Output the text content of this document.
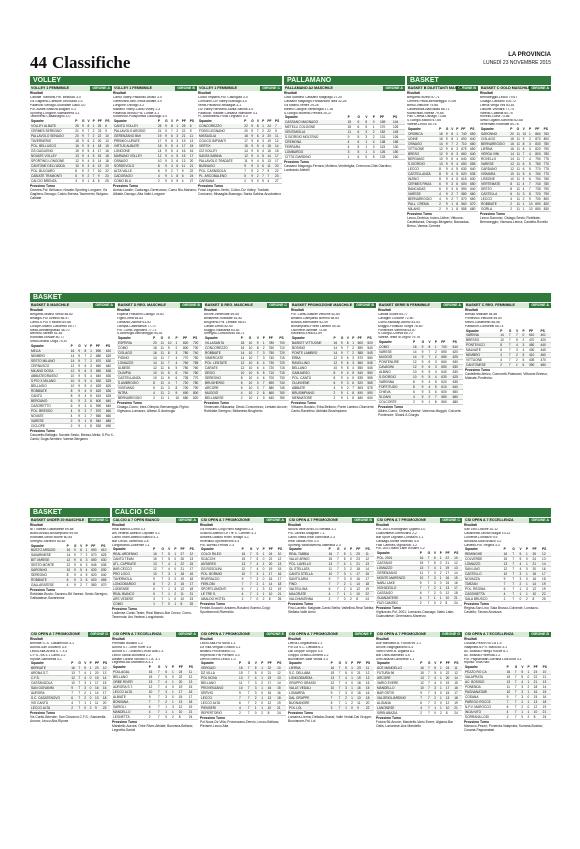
44 Classifiche	LA PROVINCIA
LUNEDÌ 23 NOVEMBRE 2015
VOLLEY	PALLAMANO	BASKET
BASKET
BASKET	CALCIO CSI
GIRONE A
VOLLEY 1 FEMMINILE
Risultati
Cabiate Tramonti-Pol. Bellusco 3-0
Gs Gaglieno-Cantone Dell'Adda 2-3
Pallavolo Senago-Guanzate Gallo 3-0
Pol. Alzate Brianza-Bulgaro 0-3
Sporting Longone-Valmadrera 3-1
Tavernerio-Casalzuigno 3-0
Squadre	P	G	V	P	PF	PS
VOLLEY ALBATE	25	9	8	1	25	6
CERMES SEREGNO	21	9	7	2	23	9
PALLAVOLO SENAGO	20	9	7	2	22	10
TAVERNERIO	18	9	6	3	20	13
POL. BELLUSCO	16	9	5	4	18	15
GS GAGLIENO	15	9	5	4	17	16
NOVATE VOLLEY	13	9	4	5	15	18
SPORTING LONGONE	12	9	4	5	14	18
CANTONE DELL'ADDA	10	9	3	6	13	20
POL. BULGARO	8	9	2	7	10	22
CABIATE TRAMONTI	6	9	2	7	9	23
CALCIO BRENZA	3	9	1	8	5	25
Prossimo Turno
Cermes-Pol. Bellusco; Novate-Sporting Longone; Gs Gaglieno-Senago; Calcio Brenza-Tavernerio; Bulgaro-Cabiate
GIRONE B
VOLLEY 1 FEMMINILE
Risultati
Cantù Volley-Pallavolo Arosio 3-0
Gerenzano Bmi-Virtus Albiate 3-0
Longone-Osnago 3-2
Mariano Volley-Cantù Volley 1-3
Pallavolo Arosio-Pol. Lurate 3-1
Sordevolo-Polisportiva Cadorago 3-0
Squadre	P	G	V	P	PF	PS
CANTÙ VOLLEY	25	9	8	1	25	6
PALLAVOLO AROSIO	21	9	7	2	22	9
GERENZANO BMI	19	9	6	3	21	11
PREMIO LURATE	17	9	6	3	19	13
VIRTUS ALBIATE	15	9	5	4	17	15
LONGONE	14	9	5	4	16	16
MARIANO VOLLEY	12	9	4	5	15	17
OSNAGO	10	9	3	6	13	20
SORDEVOLO	8	9	3	6	11	21
ALTA VALLE	6	9	2	7	9	22
CADORAGO	4	9	1	8	6	24
COMO BLU	2	9	0	9	4	27
Prossimo Turno
Arosio-Lurate; Cadorago-Gerenzano; Como Blu-Mariano; Albiate-Osnago; Alta Valle-Longone
GIRONE C
VOLLEY 1 FEMMINILE
Risultati
Colico Impianti-Pol. Casnigola 3-0
Consonni-Civ Volley Busnago 3-0
Vertix-Pallavolo Missaglia 3-1
Ciz Volley Nerviano-Santa Sabina 3-0
Pallavolo Tradate-Carsana Valmadre 3-1
Pl. Arcobaleno-Fossi Legnano 0-3
Squadre	P	G	V	P	PF	PS
CONCOREZZO	22	9	8	1	24	7
FOSSI LEGNANO	20	9	7	2	22	9
MISSAGLIA	18	9	6	3	20	11
COLICO IMPIANTI	17	9	6	3	19	12
VERTIX	15	9	5	4	18	14
CIZ VOLLEY	14	9	5	4	16	15
SANTA SABINA	12	9	4	5	14	17
PALLAVOLO TRADATE	11	9	4	5	13	17
BUSNAGO	9	9	3	6	11	20
POL. CASNIGOLA	7	9	2	7	9	22
PL. ARCOBALENO	5	9	2	7	7	23
CARSANA	2	9	0	9	4	27
Prossimo Turno
Fossi Legnano-Vertix; Colico-Ciz Volley; Tradate-Consonni; Missaglia-Busnago; Santa Sabina-Arcobaleno
GIRONE A
PALLAMANO A2 MASCHILE
Risultati
Città Giardino Cassano Magnago 27-20
Cassano Magnago-Fondazione Ikea 32-25
Gs Milano-Vertex 29-25
Metelli Cologne-Ventimiglia 17-26
S.Giorgio Molteno-Ferrara 25-27
Squadre	P	G	V	P	PF	PS
CASSANO MAGNAGO	15	6	5	0	169	144
METELLI COLOGNE	15	6	5	1	170	126
VENTIMIGLIA	11	6	3	2	152	145
S.GIORGIO MOLTENO	9	5	3	2	131	126
CREMONA	4	6	1	4	138	156
FERRARA	4	5	1	3	115	130
LOMBARDO	3	5	1	3	126	150
CITTÀ GIARDINO	1	6	0	5	133	160
Prossimo Turno
Cassano Magnago-Ferrara; Molteno-Ventimiglia; Cremona-Città Giardino; Lombardo-Metelli
GIRONE B
BASKET B DILETTANTI MASCH.
Risultati
Bergamo-Inzino 57-71
Cermes Pavia-Bernareggio 70-69
Breso-Vittuone 79-66
Castellanza-Bancadas 68-71
Montichiari-Varese 79-65
Pall. Crema-Osnago 73-66
S.Giorgio-Milano 67-65
Varese-Lecco 80-76
Squadre	P	G	V	P	PF	PS
OROBICA	16	9	8	1	740	650
UDINE	16	9	8	1	690	640
OSNAGO	14	9	7	2	710	660
VITTUONE	12	9	6	3	675	650
BRESO	12	9	6	3	660	640
BERGAMO	10	9	5	4	640	630
S.GIORGIO	10	9	5	4	650	655
LECCO	8	9	4	5	630	640
CASTELLANZA	8	9	4	5	620	635
INZINO	8	9	4	5	615	630
CERMES PAVIA	6	9	3	6	600	650
BANCADAS	6	9	3	6	590	640
VARESE	4	9	2	7	580	660
BERNAREGGIO	4	9	2	7	570	650
PALL. CREMA	2	9	1	8	560	670
MILANO	2	9	1	8	555	680
Prossimo Turno
Lecco-Orobica; Inzino-Udine; Vittuone-Castellanza; Osnago-Bergamo; Bancadas-Breso; Varese-Cermes
GIRONE A
BASKET C GOLD MASCHILE
Risultati
Bernareggio-Lecco 79-67
Cislago-Cardano 100-72
Lierna-Verga Vini 83-81
Lissone-Vismara 77-74
Varedo-Castella 80-75
Rovello-Gorla 73-66
Sesto Giganti-Saronno 62-68
Vertemate-Robbiate 80-76
Squadre	P	G	V	P	PF	PS
SARONNO	20	11	10	1	860	760
CISLAGO	18	11	9	2	870	800
BERNAREGGIO	16	11	8	3	830	780
LIERNA	16	11	8	3	820	790
VERGA VINI	14	11	7	4	800	780
ROVELLO	14	11	7	4	790	775
VARESE	12	11	6	5	780	770
CARDANO	12	11	6	5	770	775
VISMARA	10	11	5	6	760	770
LISSONE	10	11	5	6	750	765
VERTEMATE	8	11	4	7	740	780
SESTO	8	11	4	7	735	790
CASTELLA	6	11	3	8	720	790
LECCO	4	11	2	9	700	800
ROBBIATE	2	11	1	10	690	820
GORLA	2	11	1	10	680	830
Prossimo Turno
Lecco-Saronno; Cislago-Sesto; Robbiate-Bernareggio; Vismara-Lierna; Castella-Rovello
GIRONE A
BASKET D MASCHILE
Risultati
Bergamo-Milano Sesto 58-62
Bellagio-Pol. Bresso 85-47
Cantù-S.Pio X Milano 69-68
Ciclope-Milano Casoretto 69-77
Melia-Abbiategrasso 48-70
Nembro-Varese 61-63
Robbiate-Novate 80-77
Sesto-Milano Doga 74-57
Squadre	P	G	V	P	PF	PS
MELIA	16	9	8	1	690	610
NEMBRO	14	9	7	2	680	620
SESTO MILANO	14	9	7	2	670	630
CERNUSCO	12	9	6	3	660	640
MILANO DOGA	12	9	6	3	650	635
ABBIATEGRASSO	10	9	5	4	640	630
S.PIO X MILANO	10	9	5	4	630	625
BELLAGIO	10	9	5	4	625	620
ROBBIATE	8	9	4	5	620	630
CANTÙ	8	9	4	5	610	625
BERGAMO	6	9	3	6	600	640
CASORETTO	6	9	3	6	590	645
POL. BRESSO	4	9	2	7	570	660
NOVATE	4	9	2	7	560	660
VARESE	2	9	1	8	540	680
CICLOPE	2	9	1	8	530	690
Prossimo Turno
Casoretto-Bellagio; Novate-Sesto; Bresso-Melia; S.Pio X-Cantù; Doga-Nembro; Varese-Bergamo
GIRONE B
BASKET D REG. MASCHILE
Risultati
Esperia Fraschini-Cislago 75-62
Figino-Intra 64-63
Lomazzo-Albese 61-52
Olimpia-Castellanza 77-71
Pol. Como-Vigevano 77-71
S.Ambrogio-Bernareggio 54-51
Squadre	P	G	V	P	PF	PS
ESPERIA	20	11	10	1	820	720
COMO	18	11	9	2	800	730
CISLAGO	16	11	8	3	780	740
FIGINO	14	11	7	4	770	750
LOMAZZO	14	11	7	4	760	755
ALBESE	12	11	6	5	750	760
OLIMPIA	10	11	5	6	740	760
CASTELLANZA	10	11	5	6	735	770
S.AMBROGIO	8	11	4	7	720	780
VIGEVANO	6	11	3	8	700	790
INTRA	4	11	2	9	690	800
BERNAREGGIO	2	11	1	10	680	820
Prossimo Turno
Cislago-Como; Intra-Olimpia; Bernareggio-Figino; Vigevano-Lomazzo; Albese-S.Ambrogio
GIRONE C
BASKET D REG. MASCHILE
Risultati
Arcore-Vimercate 59-55
Bellanese-Robbiate 81-82
Brugherio-Pol. Lentate 56-67
Carate-Desio 52-50
Muggiò-Villasanta 64-62
Seregno-Concorezzo 68-71
Squadre	P	G	V	P	PF	PS
VILLASANTA	18	10	9	1	780	700
CONCOREZZO	16	10	8	2	760	710
ROBBIATE	14	10	7	3	750	720
VIMERCATE	14	10	7	3	740	715
POL. LENTATE	12	10	6	4	730	720
CARATE	12	10	6	4	720	715
DESIO	10	10	5	5	710	715
SEREGNO	8	10	4	6	700	730
BRUGHERIO	6	10	3	7	690	740
ARCORE	6	10	3	7	680	745
MUGGIÒ	4	10	2	8	660	760
BELLANESE	2	10	1	9	640	780
Prossimo Turno
Vimercate-Villasanta; Desio-Concorezzo; Lentate-Arcore; Robbiate-Seregno; Bellanese-Brugherio
GIRONE B
BASKET PROMOZIONE MASCHILE
Risultati
Pol. Cantù-Basket Vittuone 52-60
Bellano-Gamjaeso Brenno 58-63
Bosisio-Mennatore 52-49
Brusimpiano-Ponte Lambro 50-52
Olunvene-Abbiate 73-56
Ravellino-Erba 81-59
Squadre	P	G	V	P	PF	PS
BASKET VITTUONE	16	9	8	1	600	520
BOSISIO	14	9	7	2	590	540
PONTE LAMBRO	14	9	7	2	585	545
ERBA	12	9	6	3	570	550
RAVELLINO	12	9	6	3	560	545
BELLANO	10	9	5	4	550	545
GAMJAESO	8	9	4	5	540	550
POL. CANTÙ	8	9	4	5	535	555
OLUNVENE	6	9	3	6	520	565
ABBIATE	4	9	2	7	505	575
BRUSIMPIANO	2	9	1	8	490	590
MENNATORE	2	9	1	8	480	600
Prossimo Turno
Vittuone-Bosisio; Erba-Bellano; Ponte Lambro-Olunvene; Cantù-Ravellino; Abbiate-Brusimpiano
GIRONE A
BASKET SERIE B FEMMINILE
Risultati
Cabiati Sloani 64-77
Cavagini Colcorte 72-50
Como Akkazap-Albino 53-53
Muggiò-Fortitudo Vorgni 78-60
Pontenure-Varenna 63-57
S.Giorgio-Chieva 85-70
Varese-Teste di Legno 79-76
Squadre	P	G	V	P	PF	PS
COMO	16	9	8	1	700	610
VARESE	14	9	7	2	690	620
MUGGIÒ	14	9	7	2	680	625
PONTENURE	12	9	6	3	660	630
CAVAGINI	12	9	6	3	650	630
ALBINO	10	9	5	4	640	630
S.GIORGIO	10	9	5	4	630	625
VARENNA	8	9	4	5	620	635
FORTITUDO	8	9	4	5	610	640
CHIEVA	6	9	3	6	600	650
SLOANI	4	9	2	7	580	660
COLCORTE	2	9	1	8	560	680
Prossimo Turno
Albino-Como; Chieva-Varese; Varenna-Muggiò; Colcorte-Pontenure; Sloani-S.Giorgio
GIRONE A
BASKET C REG. FEMMINILE
Risultati
Bresso Malnate 64-65
Pontevico-Vittuone 55-50
Melzo-Castelletto 58-56
Patavium-Comoretti 55-74
Squadre	P	G	V	P	PF	PS
VARENA	14	7	7	0	510	401
BRESSO	10	7	5	2	470	420
PONTEVICO	8	7	4	3	450	440
MALNATE	6	7	3	4	430	445
NEMBRO	4	7	2	5	410	460
VITTUONE	4	7	2	5	405	470
CANTONESE	2	7	1	6	390	480
Prossimo Turno
Castelletto-Melzo; Comoretti-Patavium; Vittuone-Bresso; Malnate-Pontevico
GIRONE C
BASKET UNDER 20 MASCHILE
Risultati
BIT Varese-Gallaratese 69-68
Busto Arsizio-Brusimpiano 59-55
Robbiate-Sesto Monte 60-84
Seregno-Saronno 83-63
Squadre	P	G	V	P	PF	PS
BUSTO ARSIZIO	16	9	8	1	690	610
SAVARINESE	14	9	7	2	670	625
BIT VARESE	12	9	6	3	650	630
SESTO MONTE	12	9	6	3	645	635
SARONNO	10	9	5	4	630	630
SEREGNO	8	9	4	5	620	640
ROBBIATE	6	9	3	6	600	655
GALLARATESE	4	9	2	7	580	670
Prossimo Turno
Robbiate-Busto; Saronno-Bit Varese; Sesto-Seregno; Gallaratese-Savarinese
GIRONE A
CALCIO A 7 OPEN BIANCO
Risultati
Real Bianco-Como 3-3
Ars Vedese-Atletico Capriate 4-1
Cantù Team-Atletico Bianco 4-1
Bar Cecco-Tavernola 2-8
Longobardo-Lodiense 1-1
Squadre	P	G	V	P	PF	PS
REAL ARDENNO	16	7	5	1	27	12
CANTÙ TEAM	15	7	5	0	26	13
ATL. CAPRIATE	13	7	4	1	22	15
BAR CECCO	12	7	4	0	21	17
PRO LOCO	10	7	3	1	18	16
TAVERNOLA	9	7	3	0	19	18
LONGOBARDO	8	7	2	2	15	17
LODIENSE	6	7	1	3	12	18
REAL BIANCO	5	7	1	2	11	21
ARS VEDESE	3	7	1	0	10	23
COMO	1	7	0	1	8	26
Prossimo Turno
Lodiense-Cantù Team; Real Bianco-Bar Cecco; Como-Tavernola; Ars Vedese-Longobardo
GIRONE A
CSI OPEN A 7 PROMOZIONE
Risultati
Gs Rosolini-Colgi Rileo Magnani 2-3
Scacchi-Atletico Le Tre S. Carmen 3-1
Antares-Ubaldo Hotel Teralgo 4-1
Riveraldo-Sportlomonti 4-4
Pol. Bormio-Ferlobi 2-3
Squadre	P	G	V	P	PF	PS
COLGI RILEO	16	7	5	1	24	10
SCACCHI	15	7	5	0	22	12
ANTARES	13	7	4	1	20	13
GS ROSOLINI	12	7	4	0	19	15
POL. BORMIO	10	7	3	1	17	16
RIVERALDO	9	7	3	0	16	17
FERLOBI	7	7	2	1	14	18
SPORTLOMONTI	6	7	1	3	12	19
LE TRE S.	4	7	1	1	10	21
UBALDO HOTEL	2	7	0	2	8	25
Prossimo Turno
Ferlobi-Scacchi; Antares-Rosolini; Bormio-Colgi; Sportlomonti-Riveraldo
GIRONE B
CSI OPEN A 7 PROMOZIONE
Risultati
Nuova Valle Arnio-Gl Stellata 3-1
Pol. Lavello-Malgrate 7-1
Cantù Stella-Real Sant'Ilaria 2-3
Real Tabbia-Fino 3-3
Sporting Valchiavenna-Valtellina 2-3
Squadre	P	G	V	P	PF	PS
REAL TABBIA	16	7	5	1	25	11
VALLE ARNIO	15	7	5	0	23	12
POL. LAVELLO	13	7	4	1	21	13
GL STELLATA	11	7	3	2	18	14
CANTÙ STELLA	10	7	3	1	17	15
SANT'ILARIA	9	7	3	0	16	17
FINO	7	7	2	1	14	18
VALTELLINA	6	7	2	0	12	19
MALGRATE	4	7	1	1	10	22
VALCHIAVENNA	2	7	0	2	8	24
Prossimo Turno
Fino-Lavello; Malgrate-Cantù Stella; Valtellina-Real Tabbia; Stellata-Valle Arnio
GIRONE C
CSI OPEN A 7 PROMOZIONE
Risultati
Pol. 2001-Romagnani Qigliesi 3-0
Guanzatese-Gerenzano 2-2
Bar Sport Olginate-Lomazzo 1-1
Cassago-Monte Marenzo 4-5
Fazi Camsec-Vighizzolo 1-2
Pol. 2001-Nabu Lake di Barni 1-2
Squadre	P	G	V	P	PF	PS
POL. 2001	16	7	5	1	22	10
CASTANO	15	7	5	0	21	12
LOMAZZO	13	7	4	1	19	13
GERENZANO	11	7	3	2	17	14
MONTE MARENZO	10	7	3	1	16	15
NABU LAKE	9	7	3	0	15	16
VIGHIZZOLO	7	7	2	1	13	17
CASSAGO	6	7	2	0	12	18
GUANZATESE	4	7	1	1	10	21
FAZI CAMSEC	2	7	0	2	8	24
Prossimo Turno
Vighizzolo-Pol. 2001; Lomazzo-Cassago; Nabu Lake-Guanzatese; Gerenzano-Marenzo
GIRONE A
CSI OPEN A 7 ECCELLENZA
Risultati
San Lino-Cittone 10-12
Cassinetta-Tarzan Bulgar 10-12
Colverde-Lomazzo 9-9
Novazza-Sala Brusco 3-2
Castello-Pol. Regina 3-3
Squadre	P	G	V	P	PF	PS
REMINGHE	16	7	5	1	26	12
COLVERDE	15	7	5	0	24	13
LOMAZZO	13	7	4	1	21	14
SAN LINO	12	7	4	0	20	16
CASTELLO	10	7	3	1	18	17
NOVAZZA	9	7	3	0	16	18
TARZAN	7	7	2	1	14	19
POL. REGINA	6	7	1	3	12	19
CASSINETTA	4	7	1	1	10	22
SALA BRUSCO	2	7	0	2	8	25
Prossimo Turno
Regina-San Lino; Sala Brusco-Colverde; Lomazzo-Castello; Tarzan-Novazza
GIRONE D
CSI OPEN A 7 PROMOZIONE
Risultati
Bernate S.-S. Casatenovo 3-1
Aurora-San Giovanni 3-5
Lecco Alta-Arona S.T. 4-4
C.F.S.-Vis 3.1 Cantù 2-2
Ripose-Samarella 4-1
Squadre	P	G	V	P	PF	PS
BERNATE	16	7	5	1	23	10
ARONA S.T.	13	7	4	1	20	13
C.F.S.	12	7	4	0	19	14
CASTANGOLA	10	7	3	1	17	15
SAN GIOVANNI	9	7	3	0	16	16
AURORA	7	7	2	1	14	17
S.C. CASATENOVO	6	7	2	0	13	18
VIS CANTÙ	4	7	1	1	11	20
LECCO ALTA	2	7	0	2	9	23
Prossimo Turno
Vis Cantù-Bernate; San Giovanni-C.F.S.; Samarella-Aurora; Lecco Alta-Ripose
GIRONE A
CSI OPEN A 7 ECCELLENZA
Risultati
Premiato Bollano 1-2
Aurora S.T.-Orbe River 4-5
Aurora S.T.-Oratorio Lecco Alta 2-3
Lecco Sarioli-Bonvana 2-2
Albiate Lurano Novato S.T.A. 3-1
Legnetta Aci-Mandello A 3-1
Squadre	P	G	V	P	PF	PS
POLLAGAL	16	7	5	1	24	11
BELLANO	15	7	5	0	22	12
ORBE RIVER	13	7	4	1	20	13
AURORA S.T.	12	7	4	0	19	15
LECCO ALTA	10	7	3	1	17	16
ALBIATE	9	7	3	0	15	17
BONVANA	7	7	2	1	13	18
SARIOLI	6	7	1	3	12	19
MANDELLO	4	7	1	1	10	21
LEGNETTA	2	7	0	2	8	24
Prossimo Turno
Mandello-Aurora; Orbe River-Albiate; Bonvana-Bellano; Legnetta-Sarioli
GIRONE E
CSI OPEN A 7 PROMOZIONE
Risultati
Lecco Alta-Pol Nova 1-3
Dz Villa-Vergaio Grisolo 3-1
Bellano-Provenzano 0-2
Repertorio Pal Pienseri 3-3
Dervio Elerno-Lecco 1-0
Squadre	P	G	V	P	PF	PS
VERGAIO	16	7	5	1	22	10
DZ VILLA	15	7	5	0	21	12
POL NOVA	13	7	4	1	19	13
BELLANO	11	7	3	2	17	14
PROVENZANO	10	7	3	1	16	15
DERVIO	9	7	3	0	15	16
LECCO	7	7	2	1	13	18
LECCO ALTA	6	7	2	0	12	19
PIENSERI	4	7	1	1	10	21
REPERTORIO	2	7	0	2	8	24
Prossimo Turno
Pol Nova-Dz Villa; Provenzano-Dervio; Lecco-Bellano; Pienseri-Lecco Alta
GIRONE F
CSI OPEN A 7 PROMOZIONE
Risultati
Lierna-Longobardia 2-1
Pol Lol S.C. Dellaba 6-1
Dal Gruppe Gruppo 4-5
Gruppo Grassi-Lomarra 2-2
Buonanore-Valle Vedali 3-3
Squadre	P	G	V	P	PF	PS
LIERNA	16	7	5	1	23	11
S.C. DELLABA	15	7	5	0	21	12
LONGOBARDIA	13	7	4	1	19	13
GRUPPO GRASSI	12	7	4	0	18	15
VALLE VEDALI	10	7	3	1	16	15
LOMARRA	9	7	3	0	15	16
DAL GRUPPE	7	7	2	1	13	18
BUONANORE	5	7	1	2	11	20
POL LOL	3	7	1	0	9	22
Prossimo Turno
Lomarra-Lierna; Dellaba-Grassi; Valle Vedali-Dal Gruppe; Buonanore-Pol Lol
GIRONE G
CSI OPEN A 7 PROMOZIONE
Risultati
Ace Mandello-B. Futura 96 1-1
Arcore-Valgrigliardino 5-4
Vario Evere-B. Algiana 8-1
Bar Ostis-Mandello 3-5
Sirbi Abazia Lanonese 1-1
Squadre	P	G	V	P	PF	PS
ACE MANDELLO	16	7	5	1	24	11
FUTURA 96	15	7	5	0	22	12
ARCORE	13	7	4	1	20	14
VARIO EVERE	12	7	4	0	19	15
MANDELLO	10	7	3	1	17	16
BAR OSTIS	9	7	3	0	15	17
VALGRIGLIARDINO	7	7	2	1	13	18
ALGIANA	6	7	2	0	12	19
LANONESE	4	7	1	1	10	21
SIRBI ABAZIA	2	7	0	2	8	24
Prossimo Turno
Futura 96-Arcore; Mandello-Vario Evere; Algiana-Bar Ostis; Lanonese-Ace Mandello
GIRONE B
CSI OPEN A 7 ECCELLENZA
Risultati
Cosana-Pezzo Ro Ca 1-4
Valaprata-N.P.V. Marocco 3-1
Ac. Bosisio-Parego Rocce 8-1
Ac. Bosisio-Ponenda 2-2
Pol. Pagnanatari-Sorrana Lodi Boot 4-1
Riposo: Inoa Nito
Squadre	P	G	V	P	PF	PS
PEZZO RO CA	16	7	5	1	24	10
VALAPRATA	15	7	5	0	22	12
AC. BOSISIO	13	7	4	1	21	13
PONENDA	11	7	3	2	18	14
PAGNANATARI	10	7	3	1	16	15
COSANA	9	7	3	0	15	16
PAREGO ROCCE	7	7	2	1	13	18
N.P.V. MAROCCO	6	7	2	0	12	19
INOA NITO	4	7	1	1	10	21
SORRANA LODI	2	7	0	2	8	24
Prossimo Turno
Marocco-Pezzo; Ponenda-Valaprata; Sorrana-Bosisio; Cosana-Pagnanatari
